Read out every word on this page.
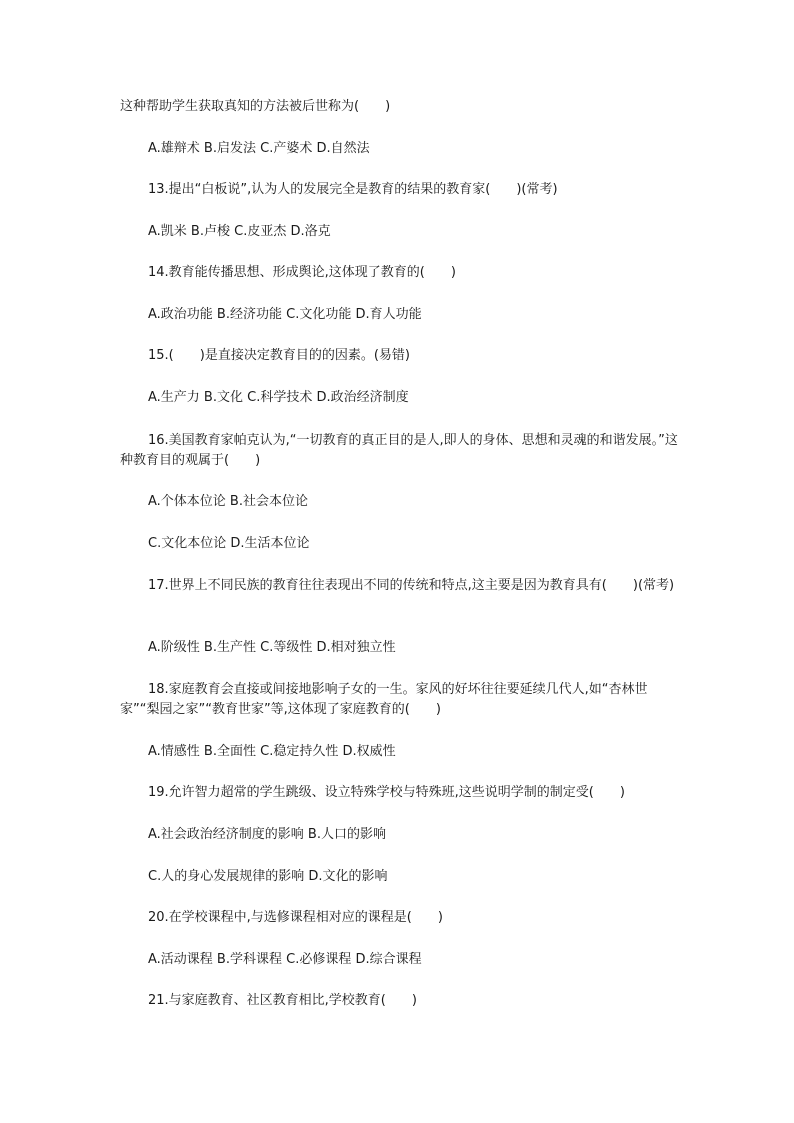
这种帮助学生获取真知的方法被后世称为(　　)
A.雄辩术 B.启发法 C.产婆术 D.自然法
13.提出“白板说”,认为人的发展完全是教育的结果的教育家(　　)(常考)
A.凯米 B.卢梭 C.皮亚杰 D.洛克
14.教育能传播思想、形成舆论,这体现了教育的(　　)
A.政治功能 B.经济功能 C.文化功能 D.育人功能
15.(　　)是直接决定教育目的的因素。(易错)
A.生产力 B.文化 C.科学技术 D.政治经济制度
16.美国教育家帕克认为,“一切教育的真正目的是人,即人的身体、思想和灵魂的和谐发展。”这种教育目的观属于(　　)
A.个体本位论 B.社会本位论
C.文化本位论 D.生活本位论
17.世界上不同民族的教育往往表现出不同的传统和特点,这主要是因为教育具有(　　)(常考)
A.阶级性 B.生产性 C.等级性 D.相对独立性
18.家庭教育会直接或间接地影响子女的一生。家风的好坏往往要延续几代人,如“杏林世家”“梨园之家”“教育世家”等,这体现了家庭教育的(　　)
A.情感性 B.全面性 C.稳定持久性 D.权威性
19.允许智力超常的学生跳级、设立特殊学校与特殊班,这些说明学制的制定受(　　)
A.社会政治经济制度的影响 B.人口的影响
C.人的身心发展规律的影响 D.文化的影响
20.在学校课程中,与选修课程相对应的课程是(　　)
A.活动课程 B.学科课程 C.必修课程 D.综合课程
21.与家庭教育、社区教育相比,学校教育(　　)
